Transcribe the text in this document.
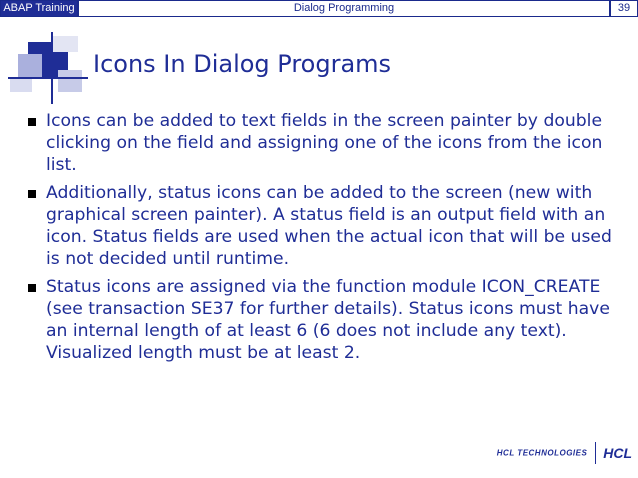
ABAP Training	Dialog Programming	39
Icons In Dialog Programs
Icons can be added to text fields in the screen painter by double clicking on the field and assigning one of the icons from the icon list.
Additionally, status icons can be added to the screen (new with graphical screen painter). A status field is an output field with an icon. Status fields are used when the actual icon that will be used is not decided until runtime.
Status icons are assigned via the function module ICON_CREATE (see transaction SE37 for further details). Status icons must have an internal length of at least 6 (6 does not include any text). Visualized length must be at least 2.
HCL TECHNOLOGIES HCL
